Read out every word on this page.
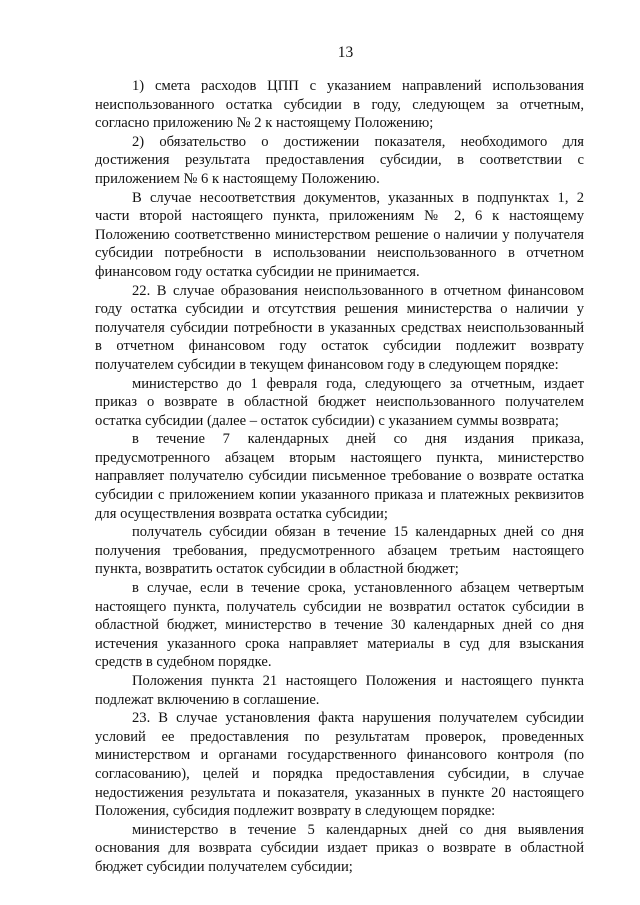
13

1) смета расходов ЦПП с указанием направлений использования неиспользованного остатка субсидии в году, следующем за отчетным, согласно приложению № 2 к настоящему Положению;

2) обязательство о достижении показателя, необходимого для достижения результата предоставления субсидии, в соответствии с приложением № 6 к настоящему Положению.

В случае несоответствия документов, указанных в подпунктах 1, 2 части второй настоящего пункта, приложениям № 2, 6 к настоящему Положению соответственно министерством решение о наличии у получателя субсидии потребности в использовании неиспользованного в отчетном финансовом году остатка субсидии не принимается.

22. В случае образования неиспользованного в отчетном финансовом году остатка субсидии и отсутствия решения министерства о наличии у получателя субсидии потребности в указанных средствах неиспользованный в отчетном финансовом году остаток субсидии подлежит возврату получателем субсидии в текущем финансовом году в следующем порядке:

министерство до 1 февраля года, следующего за отчетным, издает приказ о возврате в областной бюджет неиспользованного получателем остатка субсидии (далее – остаток субсидии) с указанием суммы возврата;

в течение 7 календарных дней со дня издания приказа, предусмотренного абзацем вторым настоящего пункта, министерство направляет получателю субсидии письменное требование о возврате остатка субсидии с приложением копии указанного приказа и платежных реквизитов для осуществления возврата остатка субсидии;

получатель субсидии обязан в течение 15 календарных дней со дня получения требования, предусмотренного абзацем третьим настоящего пункта, возвратить остаток субсидии в областной бюджет;

в случае, если в течение срока, установленного абзацем четвертым настоящего пункта, получатель субсидии не возвратил остаток субсидии в областной бюджет, министерство в течение 30 календарных дней со дня истечения указанного срока направляет материалы в суд для взыскания средств в судебном порядке.

Положения пункта 21 настоящего Положения и настоящего пункта подлежат включению в соглашение.

23. В случае установления факта нарушения получателем субсидии условий ее предоставления по результатам проверок, проведенных министерством и органами государственного финансового контроля (по согласованию), целей и порядка предоставления субсидии, в случае недостижения результата и показателя, указанных в пункте 20 настоящего Положения, субсидия подлежит возврату в следующем порядке:

министерство в течение 5 календарных дней со дня выявления основания для возврата субсидии издает приказ о возврате в областной бюджет субсидии получателем субсидии;
